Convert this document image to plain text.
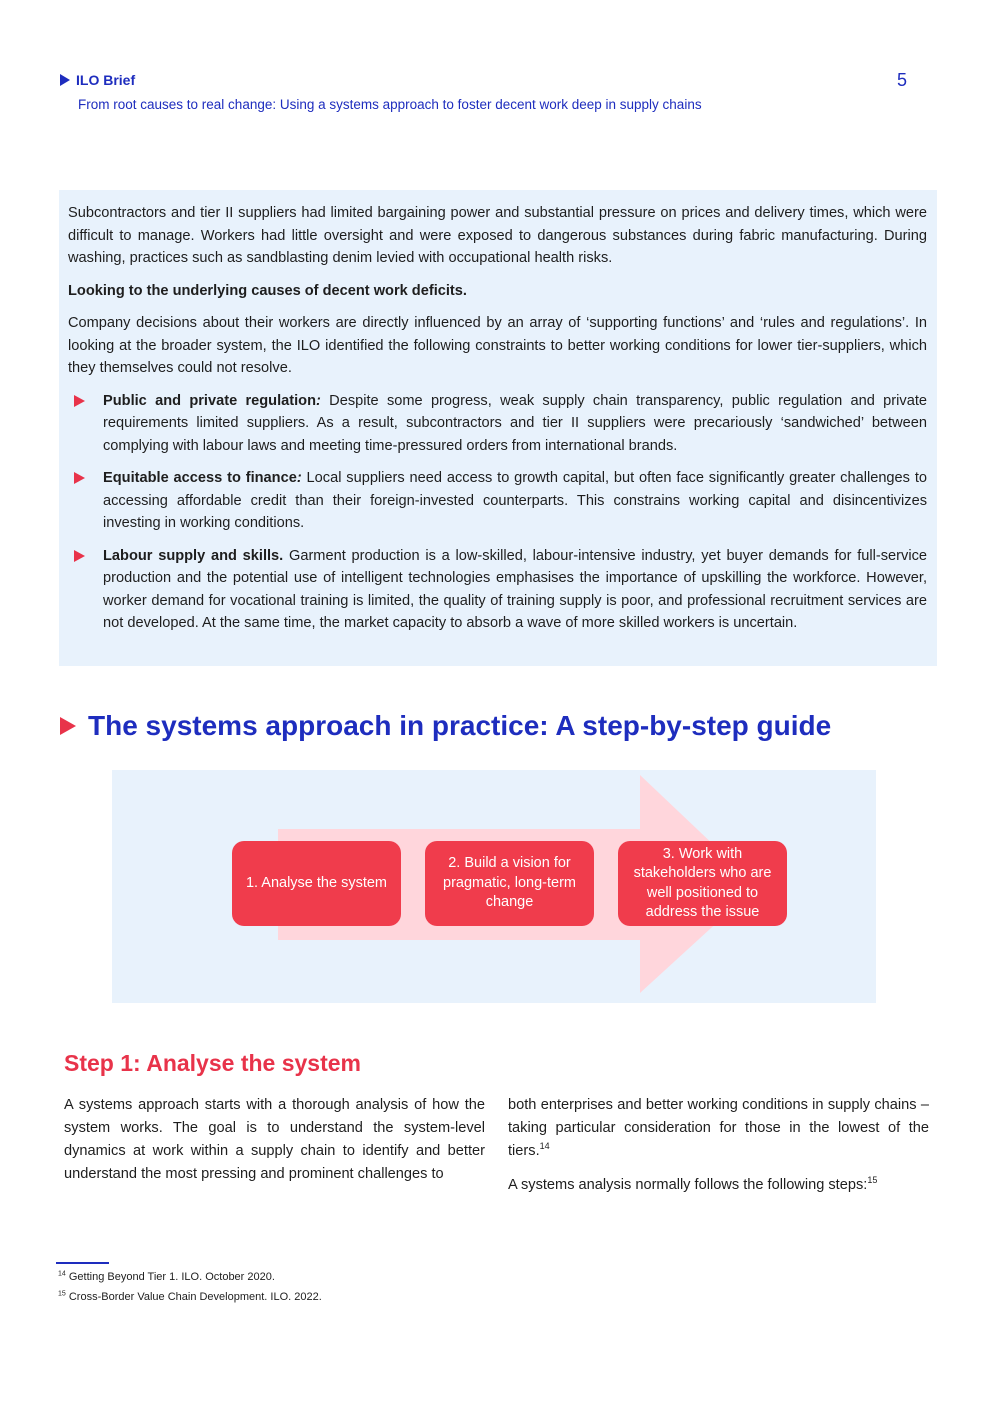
ILO Brief
From root causes to real change: Using a systems approach to foster decent work deep in supply chains
5

Subcontractors and tier II suppliers had limited bargaining power and substantial pressure on prices and delivery times, which were difficult to manage. Workers had little oversight and were exposed to dangerous substances during fabric manufacturing. During washing, practices such as sandblasting denim levied with occupational health risks.

Looking to the underlying causes of decent work deficits.

Company decisions about their workers are directly influenced by an array of ‘supporting functions’ and ‘rules and regulations’. In looking at the broader system, the ILO identified the following constraints to better working conditions for lower tier-suppliers, which they themselves could not resolve.

Public and private regulation: Despite some progress, weak supply chain transparency, public regulation and private requirements limited suppliers. As a result, subcontractors and tier II suppliers were precariously ‘sandwiched’ between complying with labour laws and meeting time-pressured orders from international brands.
Equitable access to finance: Local suppliers need access to growth capital, but often face significantly greater challenges to accessing affordable credit than their foreign-invested counterparts. This constrains working capital and disincentivizes investing in working conditions.
Labour supply and skills. Garment production is a low-skilled, labour-intensive industry, yet buyer demands for full-service production and the potential use of intelligent technologies emphasises the importance of upskilling the workforce. However, worker demand for vocational training is limited, the quality of training supply is poor, and professional recruitment services are not developed. At the same time, the market capacity to absorb a wave of more skilled workers is uncertain.
The systems approach in practice: A step-by-step guide
1. Analyse the system
2. Build a vision for pragmatic, long-term change
3. Work with stakeholders who are well positioned to address the issue
Step 1: Analyse the system

A systems approach starts with a thorough analysis of how the system works. The goal is to understand the system-level dynamics at work within a supply chain to identify and better understand the most pressing and prominent challenges to

both enterprises and better working conditions in supply chains – taking particular consideration for those in the lowest of the tiers.$^{14}$

A systems analysis normally follows the following steps:$^{15}$

$^{14}$ Getting Beyond Tier 1. ILO. October 2020.
$^{15}$ Cross-Border Value Chain Development. ILO. 2022.
